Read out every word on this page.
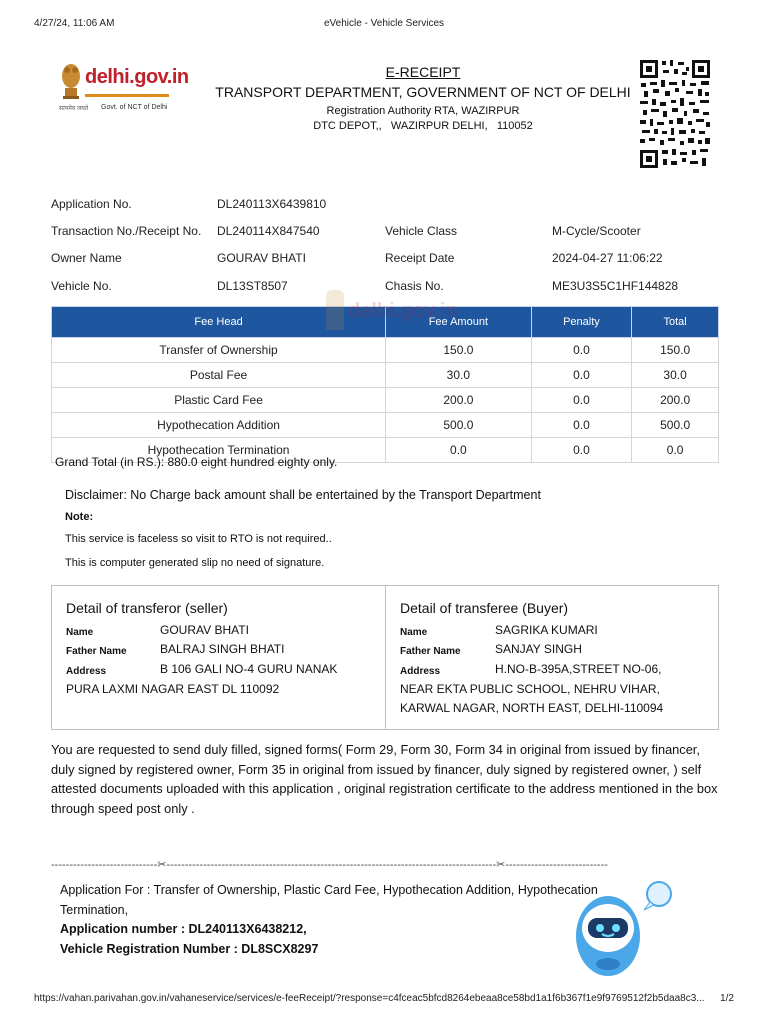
4/27/24, 11:06 AM	eVehicle - Vehicle Services
delhi.gov.in
सत्यमेव जयते Govt. of NCT of Delhi
E-RECEIPT
TRANSPORT DEPARTMENT, GOVERNMENT OF NCT OF DELHI
Registration Authority RTA, WAZIRPUR
DTC DEPOT,,   WAZIRPUR DELHI,   110052
Application No.	DL240113X6439810
Transaction No./Receipt No. DL240114X847540	Vehicle Class	M-Cycle/Scooter
Owner Name	GOURAV BHATI	Receipt Date	2024-04-27 11:06:22
Vehicle No.	DL13ST8507	Chasis No.	ME3U3S5C1HF144828
Fee Head	Fee Amount	Penalty	Total
Transfer of Ownership	150.0	0.0	150.0
Postal Fee	30.0	0.0	30.0
Plastic Card Fee	200.0	0.0	200.0
Hypothecation Addition	500.0	0.0	500.0
Hypothecation Termination	0.0	0.0	0.0
delhi.gov.in
Grand Total (in RS.): 880.0 eight hundred eighty only.
Disclaimer: No Charge back amount shall be entertained by the Transport Department
Note:
This service is faceless so visit to RTO is not required..
This is computer generated slip no need of signature.
Detail of transferor (seller)
Name	GOURAV BHATI
Father Name	BALRAJ SINGH BHATI
Address	B 106 GALI NO-4 GURU NANAK
PURA LAXMI NAGAR EAST DL 110092
Detail of transferee (Buyer)
Name	SAGRIKA KUMARI
Father Name	SANJAY SINGH
Address	H.NO-B-395A,STREET NO-06,
NEAR EKTA PUBLIC SCHOOL, NEHRU VIHAR,
KARWAL NAGAR, NORTH EAST, DELHI-110094
You are requested to send duly filled, signed forms( Form 29, Form 30, Form 34 in original from issued by financer, duly signed by registered owner, Form 35 in original from issued by financer, duly signed by registered owner, ) self attested documents uploaded with this application , original registration certificate to the address mentioned in the box through speed post only .
-----------------------------✂------------------------------------------------------------------------------------------✂----------------------------
Application For : Transfer of Ownership, Plastic Card Fee, Hypothecation Addition, Hypothecation
Termination,
Application number : DL240113X6438212,
Vehicle Registration Number : DL8SCX8297
https://vahan.parivahan.gov.in/vahaneservice/services/e-feeReceipt/?response=c4fceac5bfcd8264ebeaa8ce58bd1a1f6b367f1e9f9769512f2b5daa8c3...	1/2
